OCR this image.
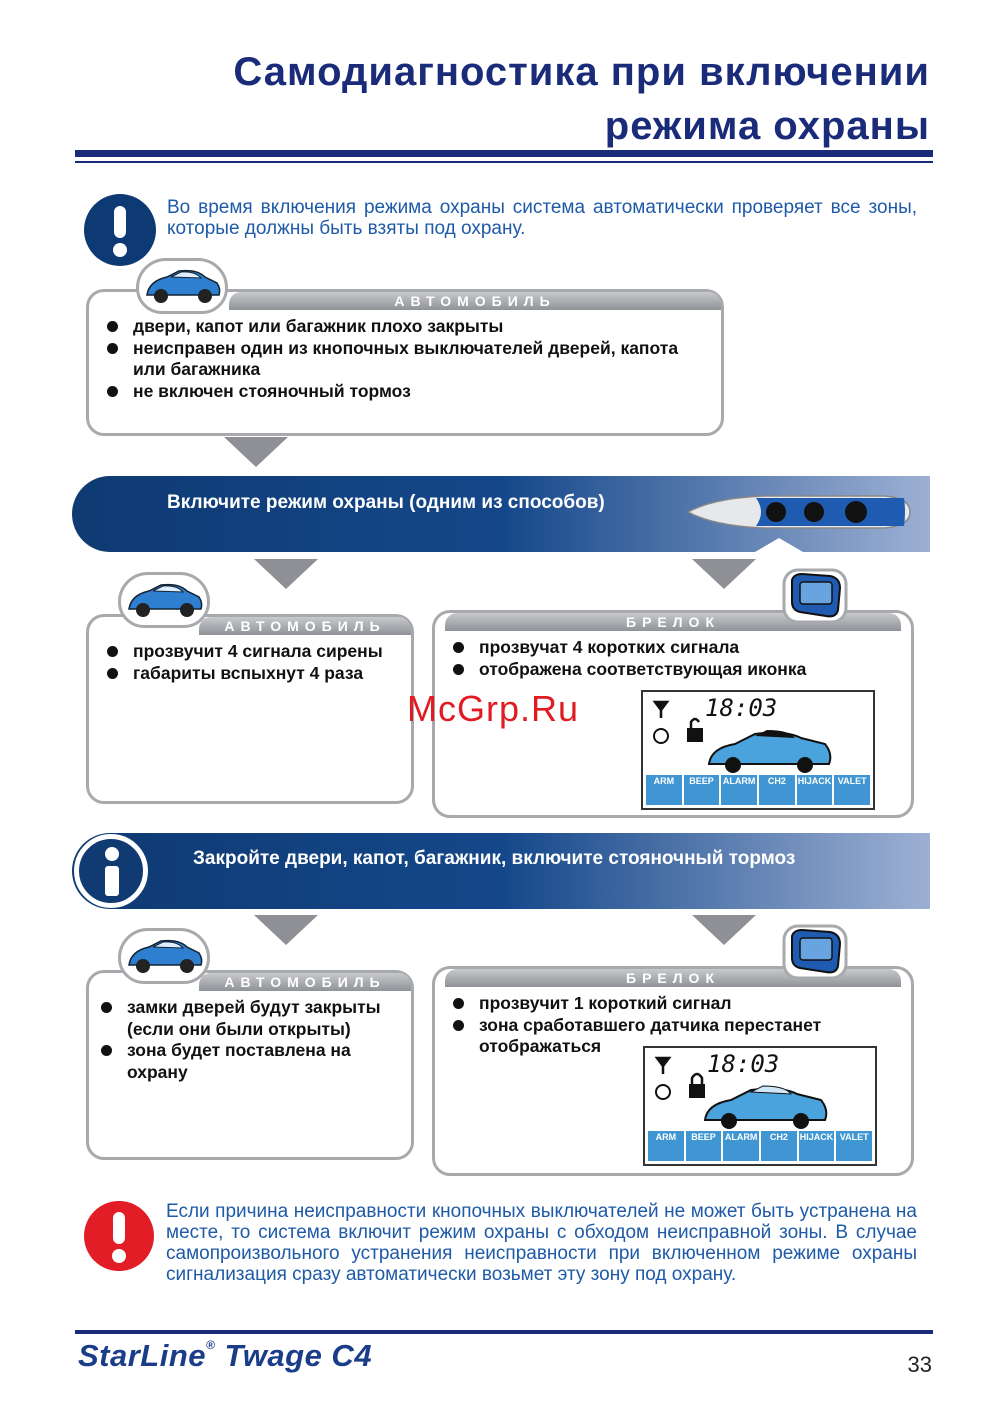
Самодиагностика при включении
режима охраны
Во время включения режима охраны система автоматически проверяет все зоны, которые должны быть взяты под охрану.
АВТОМОБИЛЬ
двери, капот или багажник плохо закрыты
неисправен один из кнопочных выключателей дверей, капота или багажника
не включен стояночный тормоз
Включите режим охраны (одним из способов)
АВТОМОБИЛЬ
прозвучит 4 сигнала сирены
габариты вспыхнут 4 раза
БРЕЛОК
прозвучат 4 коротких сигнала
отображена соответствующая иконка
18:03
ARM	BEEP	ALARM	CH2	HIJACK VALET
Закройте двери, капот, багажник, включите стояночный тормоз
АВТОМОБИЛЬ
замки дверей будут закрыты (если они были открыты)
зона будет поставлена на охрану
БРЕЛОК
прозвучит 1 короткий сигнал
зона сработавшего датчика перестанет отображаться
18:03
ARM	BEEP	ALARM	CH2	HIJACK VALET
Если причина неисправности кнопочных выключателей не может быть устранена на месте, то система включит режим охраны с обходом неисправной зоны. В случае самопроизвольного устранения неисправности при включенном режиме охраны сигнализация сразу автоматически возьмет эту зону под охрану.
McGrp.Ru
StarLine® Twage C4	33
